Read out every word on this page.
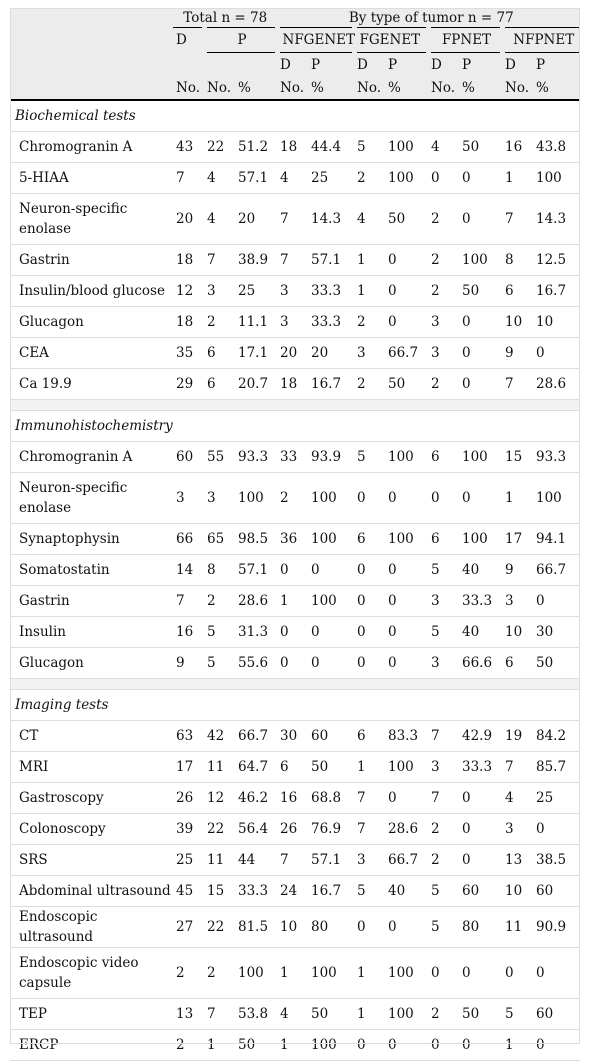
	Total n = 78			By type of tumor n = 77							
	D	P		NFGENET		FGENET		FPNET		NFPNET	
				D	P	D	P	D	P	D	P
	No.	No.	%	No.	%	No.	%	No.	%	No.	%
Biochemical tests											
Chromogranin A	43	22	51.2	18	44.4	5	100	4	50	16	43.8
5-HIAA	7	4	57.1	4	25	2	100	0	0	1	100
Neuron-specific enolase	20	4	20	7	14.3	4	50	2	0	7	14.3
Gastrin	18	7	38.9	7	57.1	1	0	2	100	8	12.5
Insulin/blood glucose	12	3	25	3	33.3	1	0	2	50	6	16.7
Glucagon	18	2	11.1	3	33.3	2	0	3	0	10	10
CEA	35	6	17.1	20	20	3	66.7	3	0	9	0
Ca 19.9	29	6	20.7	18	16.7	2	50	2	0	7	28.6

Immunohistochemistry											
Chromogranin A	60	55	93.3	33	93.9	5	100	6	100	15	93.3
Neuron-specific enolase	3	3	100	2	100	0	0	0	0	1	100
Synaptophysin	66	65	98.5	36	100	6	100	6	100	17	94.1
Somatostatin	14	8	57.1	0	0	0	0	5	40	9	66.7
Gastrin	7	2	28.6	1	100	0	0	3	33.3	3	0
Insulin	16	5	31.3	0	0	0	0	5	40	10	30
Glucagon	9	5	55.6	0	0	0	0	3	66.6	6	50

Imaging tests											
CT	63	42	66.7	30	60	6	83.3	7	42.9	19	84.2
MRI	17	11	64.7	6	50	1	100	3	33.3	7	85.7
Gastroscopy	26	12	46.2	16	68.8	7	0	7	0	4	25
Colonoscopy	39	22	56.4	26	76.9	7	28.6	2	0	3	0
SRS	25	11	44	7	57.1	3	66.7	2	0	13	38.5
Abdominal ultrasound	45	15	33.3	24	16.7	5	40	5	60	10	60
Endoscopic ultrasound	27	22	81.5	10	80	0	0	5	80	11	90.9
Endoscopic video capsule	2	2	100	1	100	1	100	0	0	0	0
TEP	13	7	53.8	4	50	1	100	2	50	5	60
ERCP	2	1	50	1	100	0	0	0	0	1	0
